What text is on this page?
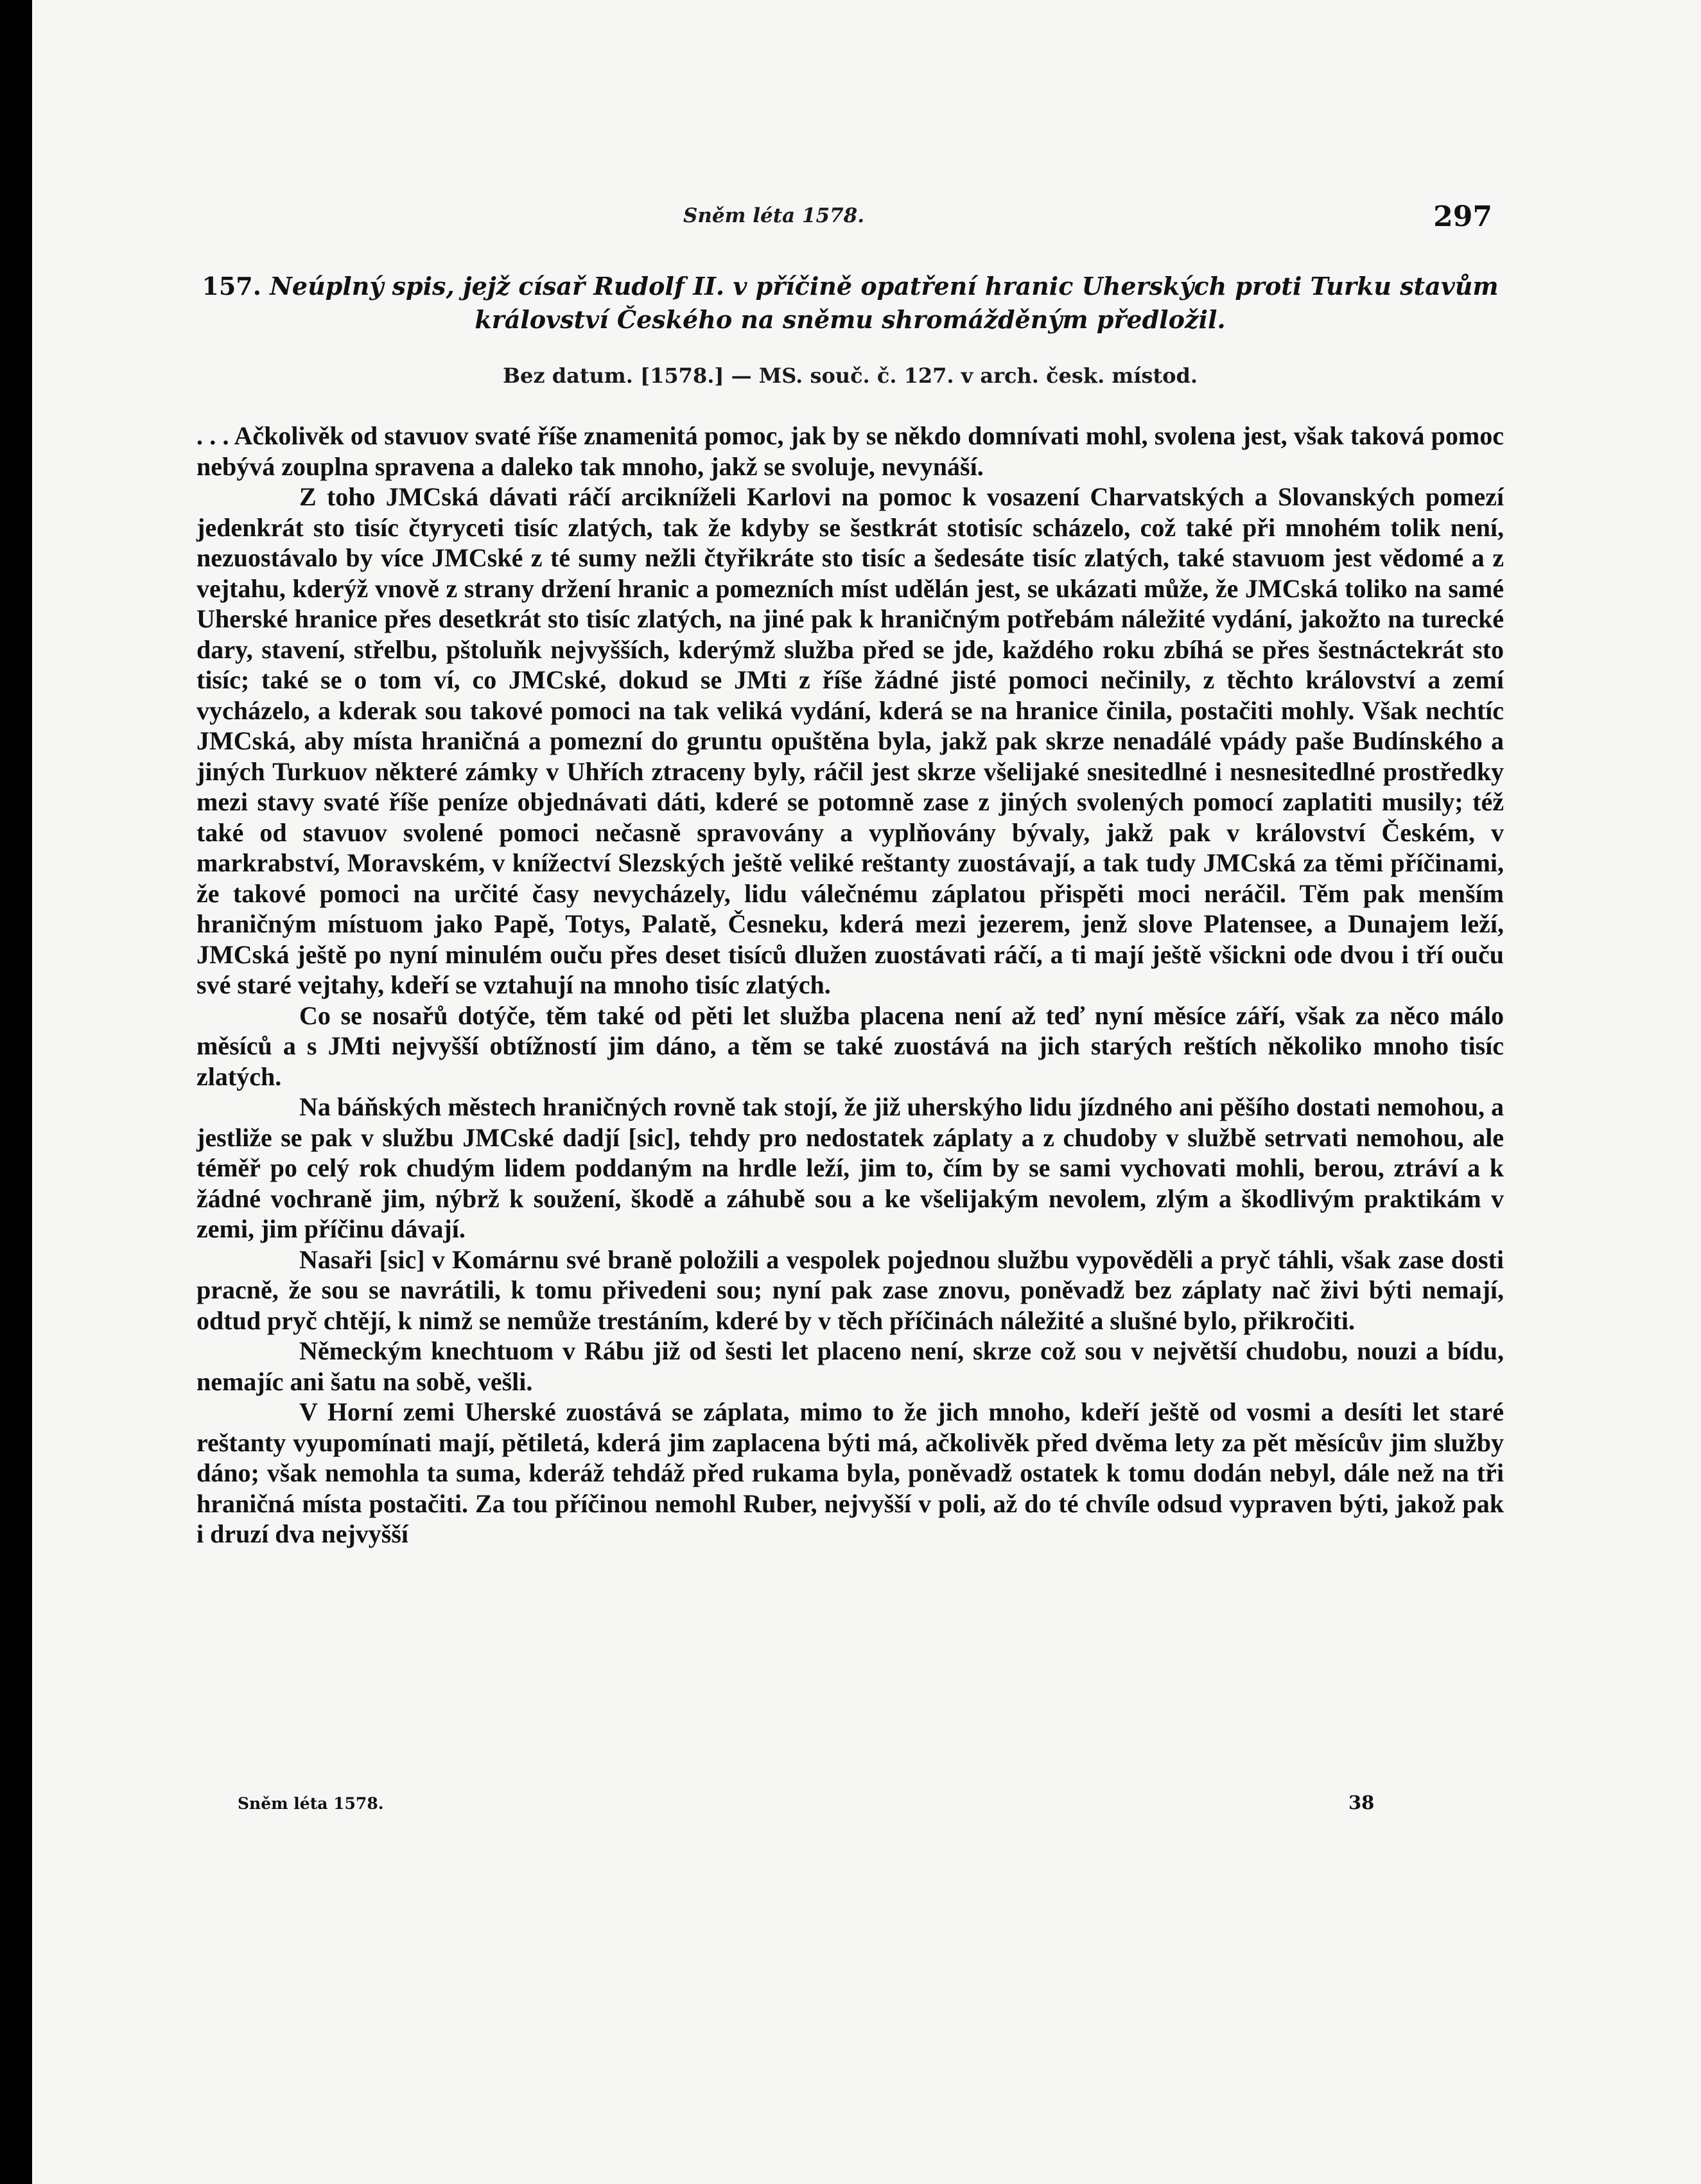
Sněm léta 1578.	297
157. Neúplný spis, jejž císař Rudolf II. v příčině opatření hranic Uherských proti Turku stavům království Českého na sněmu shromážděným předložil.
Bez datum. [1578.] — MS. souč. č. 127. v arch. česk. místod.

. . . Ačkolivěk od stavuov svaté říše znamenitá pomoc, jak by se někdo domnívati mohl, svolena jest, však taková pomoc nebývá zouplna spravena a daleko tak mnoho, jakž se svoluje, nevynáší.

Z toho JMCská dávati ráčí arcikníželi Karlovi na pomoc k vosazení Charvatských a Slovanských pomezí jedenkrát sto tisíc čtyryceti tisíc zlatých, tak že kdyby se šestkrát stotisíc scházelo, což také při mnohém tolik není, nezuostávalo by více JMCské z té sumy nežli čtyřikráte sto tisíc a šedesáte tisíc zlatých, také stavuom jest vědomé a z vejtahu, kderýž vnově z strany držení hranic a pomezních míst udělán jest, se ukázati může, že JMCská toliko na samé Uherské hranice přes desetkrát sto tisíc zlatých, na jiné pak k hraničným potřebám náležité vydání, jakožto na turecké dary, stavení, střelbu, pštoluňk nejvyšších, kderýmž služba před se jde, každého roku zbíhá se přes šestnáctekrát sto tisíc; také se o tom ví, co JMCské, dokud se JMti z říše žádné jisté pomoci nečinily, z těchto království a zemí vycházelo, a kderak sou takové pomoci na tak veliká vydání, kderá se na hranice činila, postačiti mohly. Však nechtíc JMCská, aby místa hraničná a pomezní do gruntu opuštěna byla, jakž pak skrze nenadálé vpády paše Budínského a jiných Turkuov některé zámky v Uhřích ztraceny byly, ráčil jest skrze všelijaké snesitedlné i nesnesitedlné prostředky mezi stavy svaté říše peníze objednávati dáti, kderé se potomně zase z jiných svolených pomocí zaplatiti musily; též také od stavuov svolené pomoci nečasně spravovány a vyplňovány bývaly, jakž pak v království Českém, v markrabství, Moravském, v knížectví Slezských ještě veliké reštanty zuostávají, a tak tudy JMCská za těmi příčinami, že takové pomoci na určité časy nevycházely, lidu válečnému záplatou přispěti moci neráčil. Těm pak menším hraničným místuom jako Papě, Totys, Palatě, Česneku, kderá mezi jezerem, jenž slove Platensee, a Dunajem leží, JMCská ještě po nyní minulém ouču přes deset tisíců dlužen zuostávati ráčí, a ti mají ještě všickni ode dvou i tří ouču své staré vejtahy, kdeří se vztahují na mnoho tisíc zlatých.

Co se nosařů dotýče, těm také od pěti let služba placena není až teď nyní měsíce září, však za něco málo měsíců a s JMti nejvyšší obtížností jim dáno, a těm se také zuostává na jich starých reštích několiko mnoho tisíc zlatých.

Na báňských městech hraničných rovně tak stojí, že již uherskýho lidu jízdného ani pěšího dostati nemohou, a jestliže se pak v službu JMCské dadjí [sic], tehdy pro nedostatek záplaty a z chudoby v službě setrvati nemohou, ale téměř po celý rok chudým lidem poddaným na hrdle leží, jim to, čím by se sami vychovati mohli, berou, ztráví a k žádné vochraně jim, nýbrž k soužení, škodě a záhubě sou a ke všelijakým nevolem, zlým a škodlivým praktikám v zemi, jim příčinu dávají.

Nasaři [sic] v Komárnu své braně položili a vespolek pojednou službu vypověděli a pryč táhli, však zase dosti pracně, že sou se navrátili, k tomu přivedeni sou; nyní pak zase znovu, poněvadž bez záplaty nač živi býti nemají, odtud pryč chtějí, k nimž se nemůže trestáním, kderé by v těch příčinách náležité a slušné bylo, přikročiti.

Německým knechtuom v Rábu již od šesti let placeno není, skrze což sou v největší chudobu, nouzi a bídu, nemajíc ani šatu na sobě, vešli.

V Horní zemi Uherské zuostává se záplata, mimo to že jich mnoho, kdeří ještě od vosmi a desíti let staré reštanty vyupomínati mají, pětiletá, kderá jim zaplacena býti má, ačkolivěk před dvěma lety za pět měsícův jim služby dáno; však nemohla ta suma, kderáž tehdáž před rukama byla, poněvadž ostatek k tomu dodán nebyl, dále než na tři hraničná místa postačiti. Za tou příčinou nemohl Ruber, nejvyšší v poli, až do té chvíle odsud vypraven býti, jakož pak i druzí dva nejvyšší

Sněm léta 1578.	38
